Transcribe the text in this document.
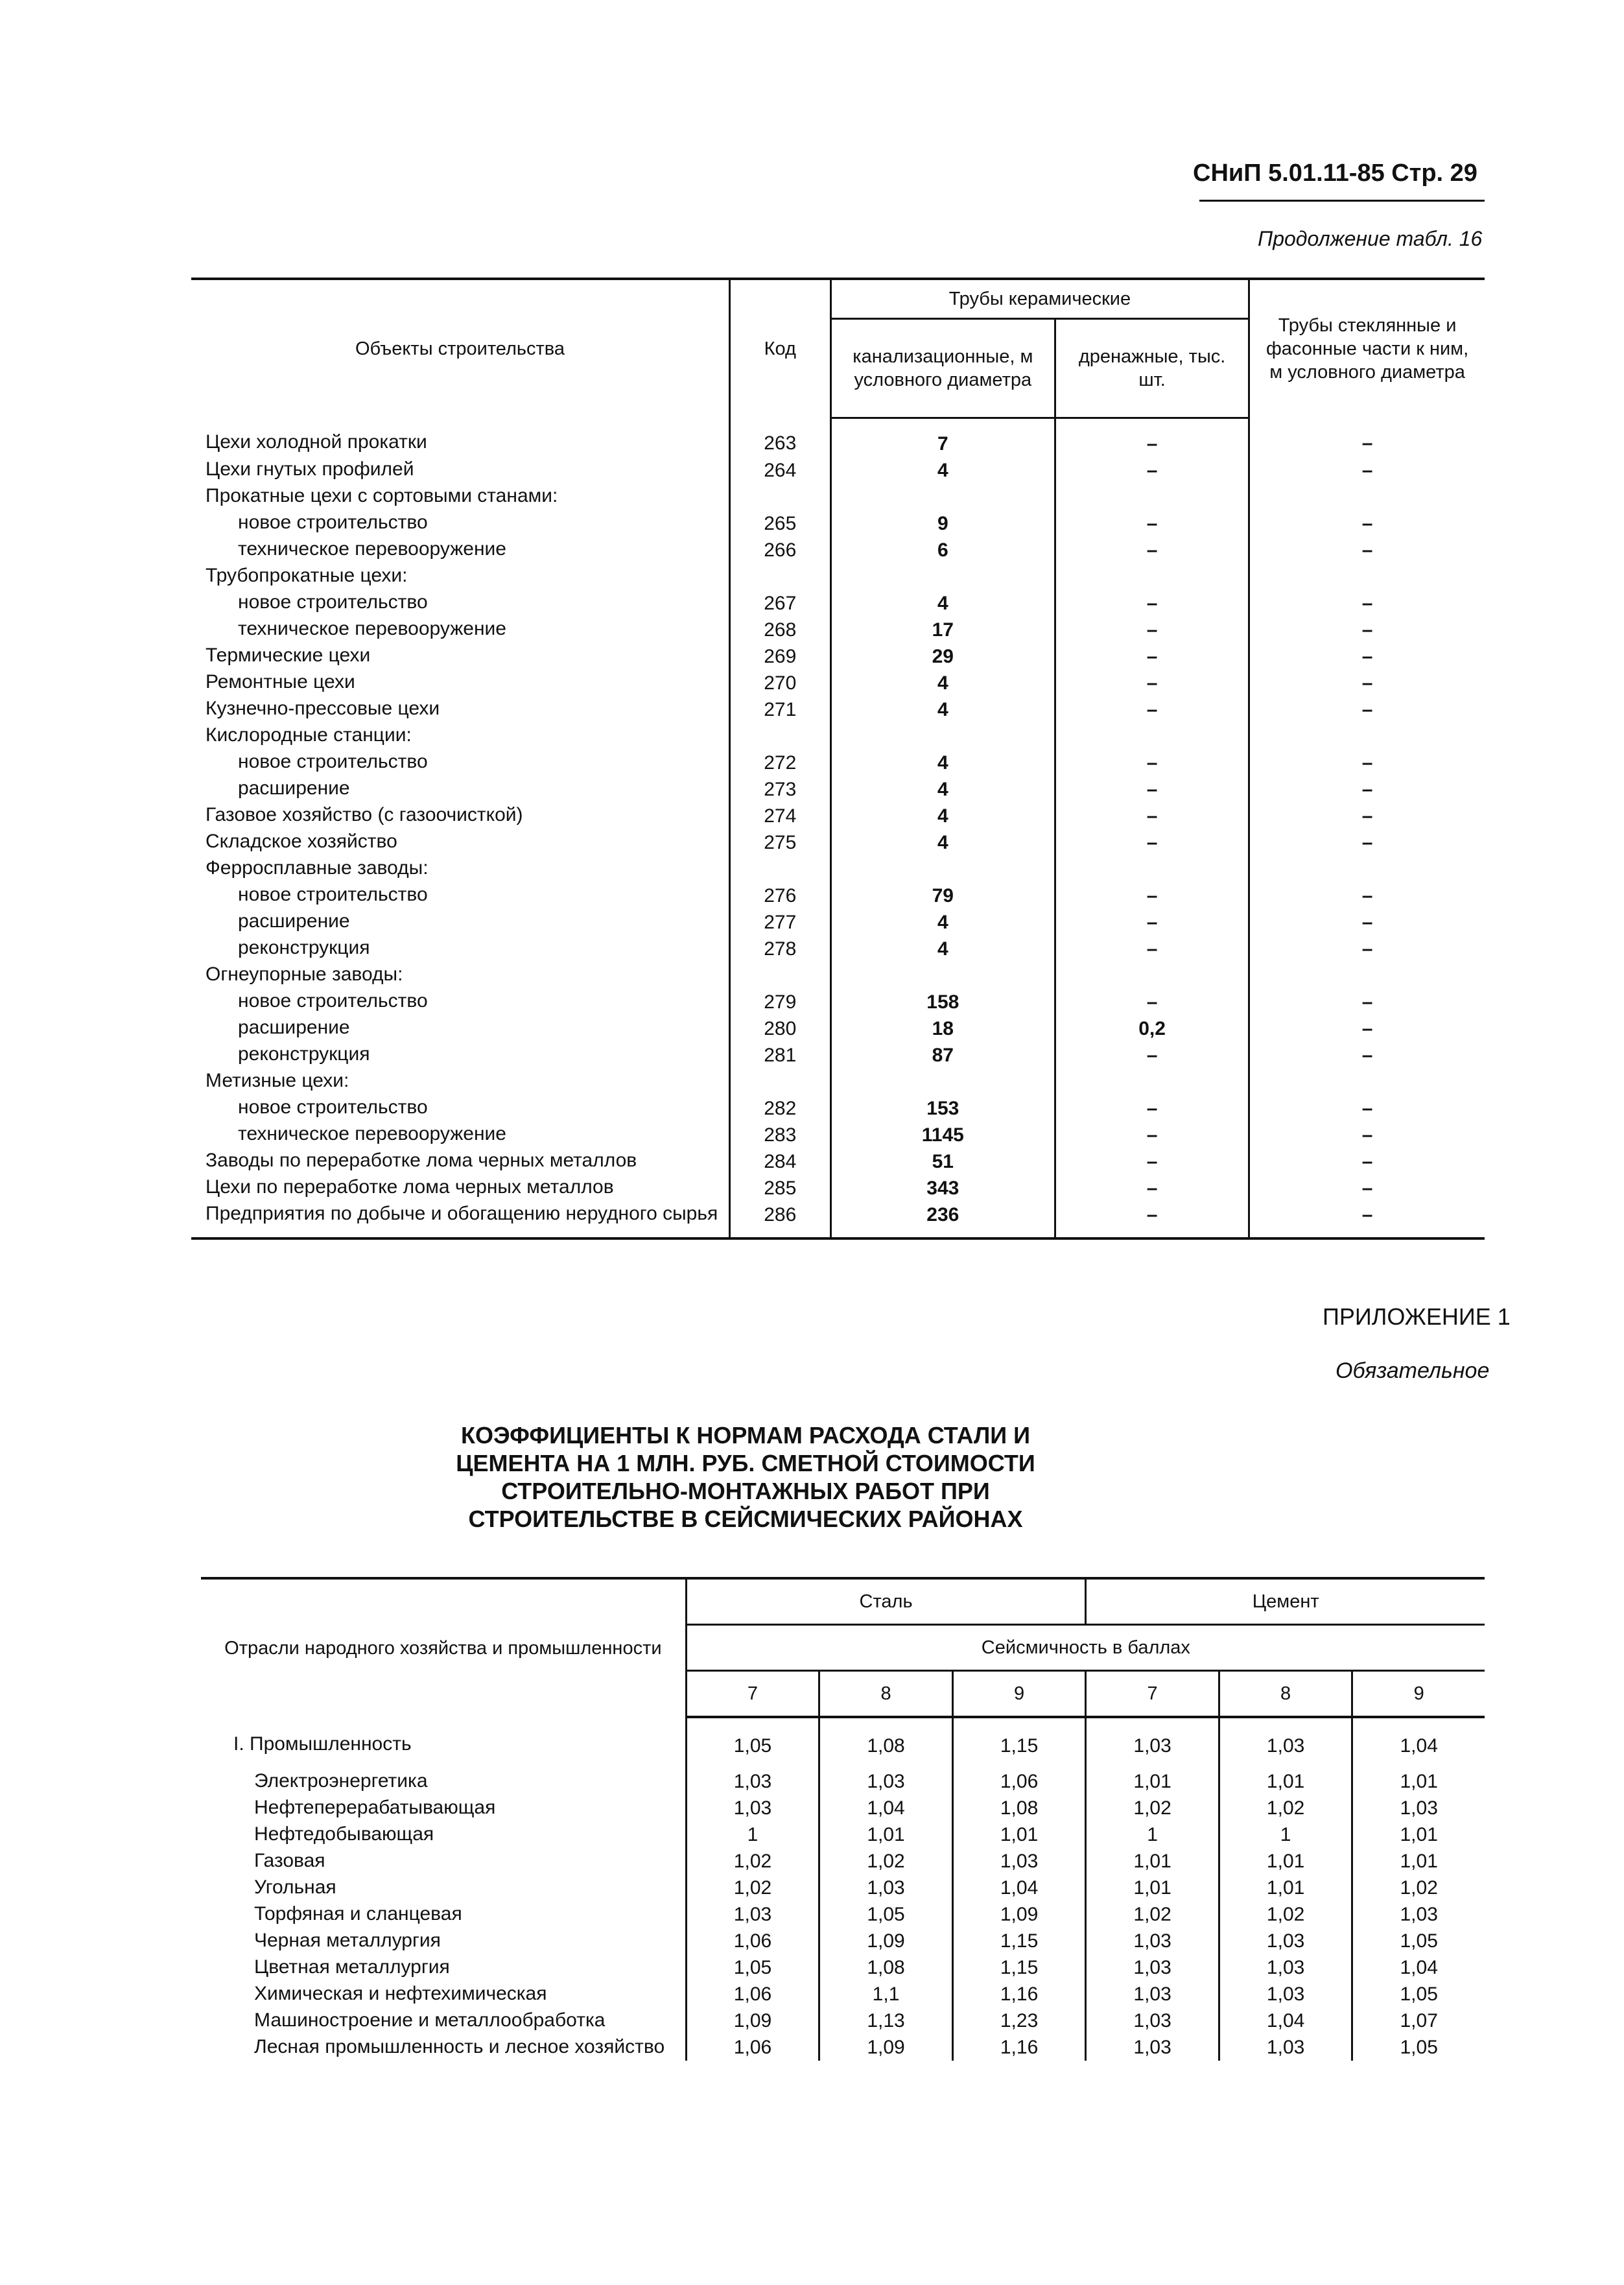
СНиП 5.01.11-85 Стр. 29
Продолжение табл. 16
Объекты строительства	Код	Трубы керамические		Трубы стеклянные и фасонные части к ним, м условного диаметра
		канализационные, м условного диаметра	дренажные, тыс. шт.	
Цехи холодной прокатки	263	7	–	–
Цехи гнутых профилей	264	4	–	–
Прокатные цехи с сортовыми станами:				
новое строительство	265	9	–	–
техническое перевооружение	266	6	–	–
Трубопрокатные цехи:				
новое строительство	267	4	–	–
техническое перевооружение	268	17	–	–
Термические цехи	269	29	–	–
Ремонтные цехи	270	4	–	–
Кузнечно-прессовые цехи	271	4	–	–
Кислородные станции:				
новое строительство	272	4	–	–
расширение	273	4	–	–
Газовое хозяйство (с газоочисткой)	274	4	–	–
Складское хозяйство	275	4	–	–
Ферросплавные заводы:				
новое строительство	276	79	–	–
расширение	277	4	–	–
реконструкция	278	4	–	–
Огнеупорные заводы:				
новое строительство	279	158	–	–
расширение	280	18	0,2	–
реконструкция	281	87	–	–
Метизные цехи:				
новое строительство	282	153	–	–
техническое перевооружение	283	1145	–	–
Заводы по переработке лома черных металлов	284	51	–	–
Цехи по переработке лома черных металлов	285	343	–	–
Предприятия по добыче и обогащению нерудного сырья	286	236	–	–
ПРИЛОЖЕНИЕ 1
Обязательное
КОЭФФИЦИЕНТЫ К НОРМАМ РАСХОДА СТАЛИ И ЦЕМЕНТА НА 1 МЛН. РУБ. СМЕТНОЙ СТОИМОСТИ СТРОИТЕЛЬНО-МОНТАЖНЫХ РАБОТ ПРИ СТРОИТЕЛЬСТВЕ В СЕЙСМИЧЕСКИХ РАЙОНАХ
Отрасли народного хозяйства и промышленности	Сталь			Цемент		
	Сейсмичность в баллах					
	7	8	9	7	8	9
I. Промышленность	1,05	1,08	1,15	1,03	1,03	1,04
Электроэнергетика	1,03	1,03	1,06	1,01	1,01	1,01
Нефтеперерабатывающая	1,03	1,04	1,08	1,02	1,02	1,03
Нефтедобывающая	1	1,01	1,01	1	1	1,01
Газовая	1,02	1,02	1,03	1,01	1,01	1,01
Угольная	1,02	1,03	1,04	1,01	1,01	1,02
Торфяная и сланцевая	1,03	1,05	1,09	1,02	1,02	1,03
Черная металлургия	1,06	1,09	1,15	1,03	1,03	1,05
Цветная металлургия	1,05	1,08	1,15	1,03	1,03	1,04
Химическая и нефтехимическая	1,06	1,1	1,16	1,03	1,03	1,05
Машиностроение и металлообработка	1,09	1,13	1,23	1,03	1,04	1,07
Лесная промышленность и лесное хозяйство	1,06	1,09	1,16	1,03	1,03	1,05
